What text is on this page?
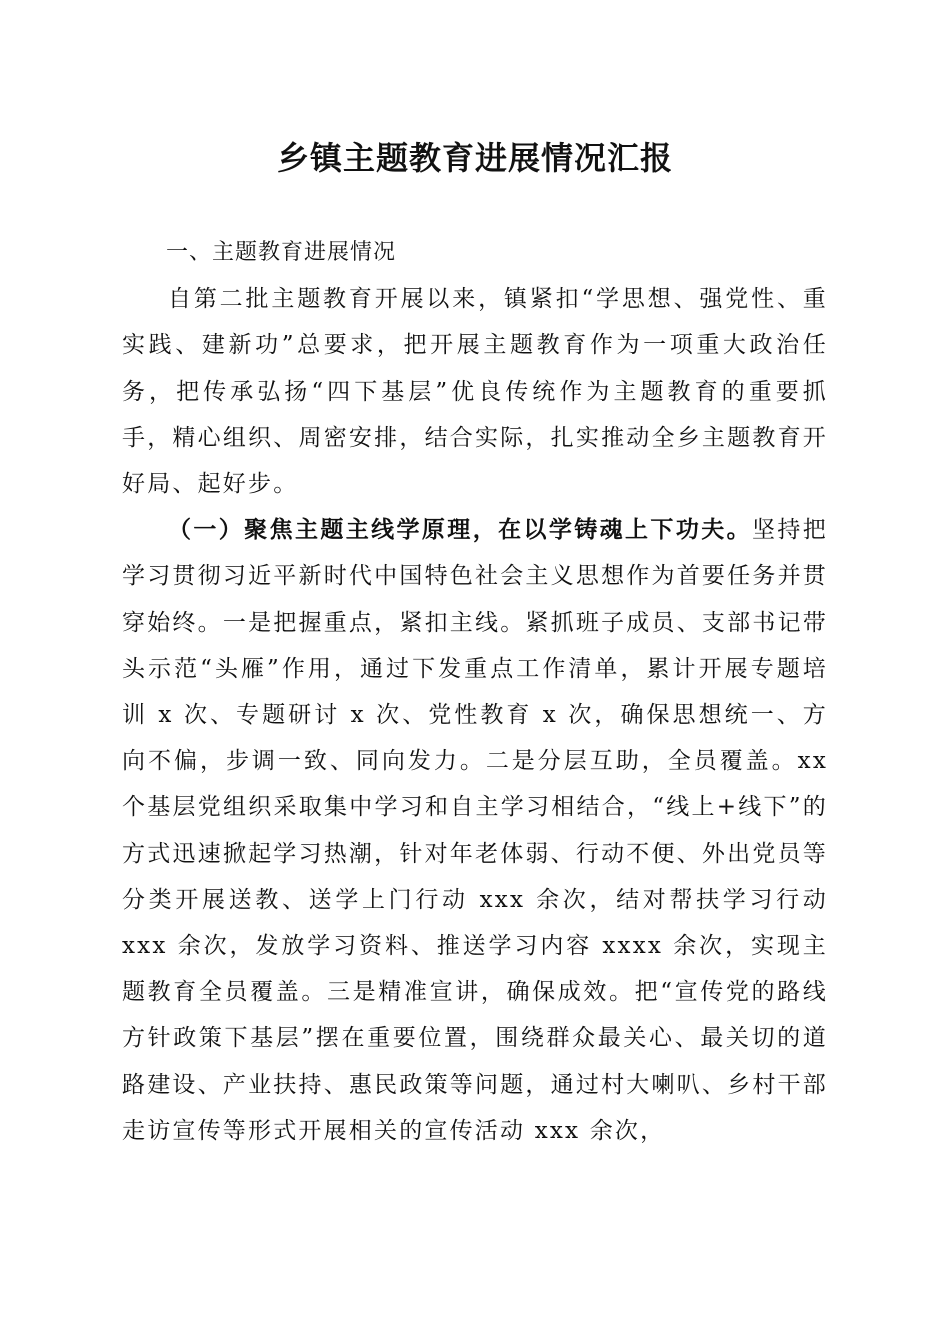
乡镇主题教育进展情况汇报

一、主题教育进展情况

自第二批主题教育开展以来，镇紧扣“学思想、强党性、重实践、建新功”总要求，把开展主题教育作为一项重大政治任务，把传承弘扬“四下基层”优良传统作为主题教育的重要抓手，精心组织、周密安排，结合实际，扎实推动全乡主题教育开好局、起好步。

（一）聚焦主题主线学原理，在以学铸魂上下功夫。坚持把学习贯彻习近平新时代中国特色社会主义思想作为首要任务并贯穿始终。一是把握重点，紧扣主线。紧抓班子成员、支部书记带头示范“头雁”作用，通过下发重点工作清单，累计开展专题培训 x 次、专题研讨 x 次、党性教育 x 次，确保思想统一、方向不偏，步调一致、同向发力。二是分层互助，全员覆盖。xx 个基层党组织采取集中学习和自主学习相结合，“线上+线下”的方式迅速掀起学习热潮，针对年老体弱、行动不便、外出党员等分类开展送教、送学上门行动 xxx 余次，结对帮扶学习行动 xxx 余次，发放学习资料、推送学习内容 xxxx 余次，实现主题教育全员覆盖。三是精准宣讲，确保成效。把“宣传党的路线方针政策下基层”摆在重要位置，围绕群众最关心、最关切的道路建设、产业扶持、惠民政策等问题，通过村大喇叭、乡村干部走访宣传等形式开展相关的宣传活动 xxx 余次，
